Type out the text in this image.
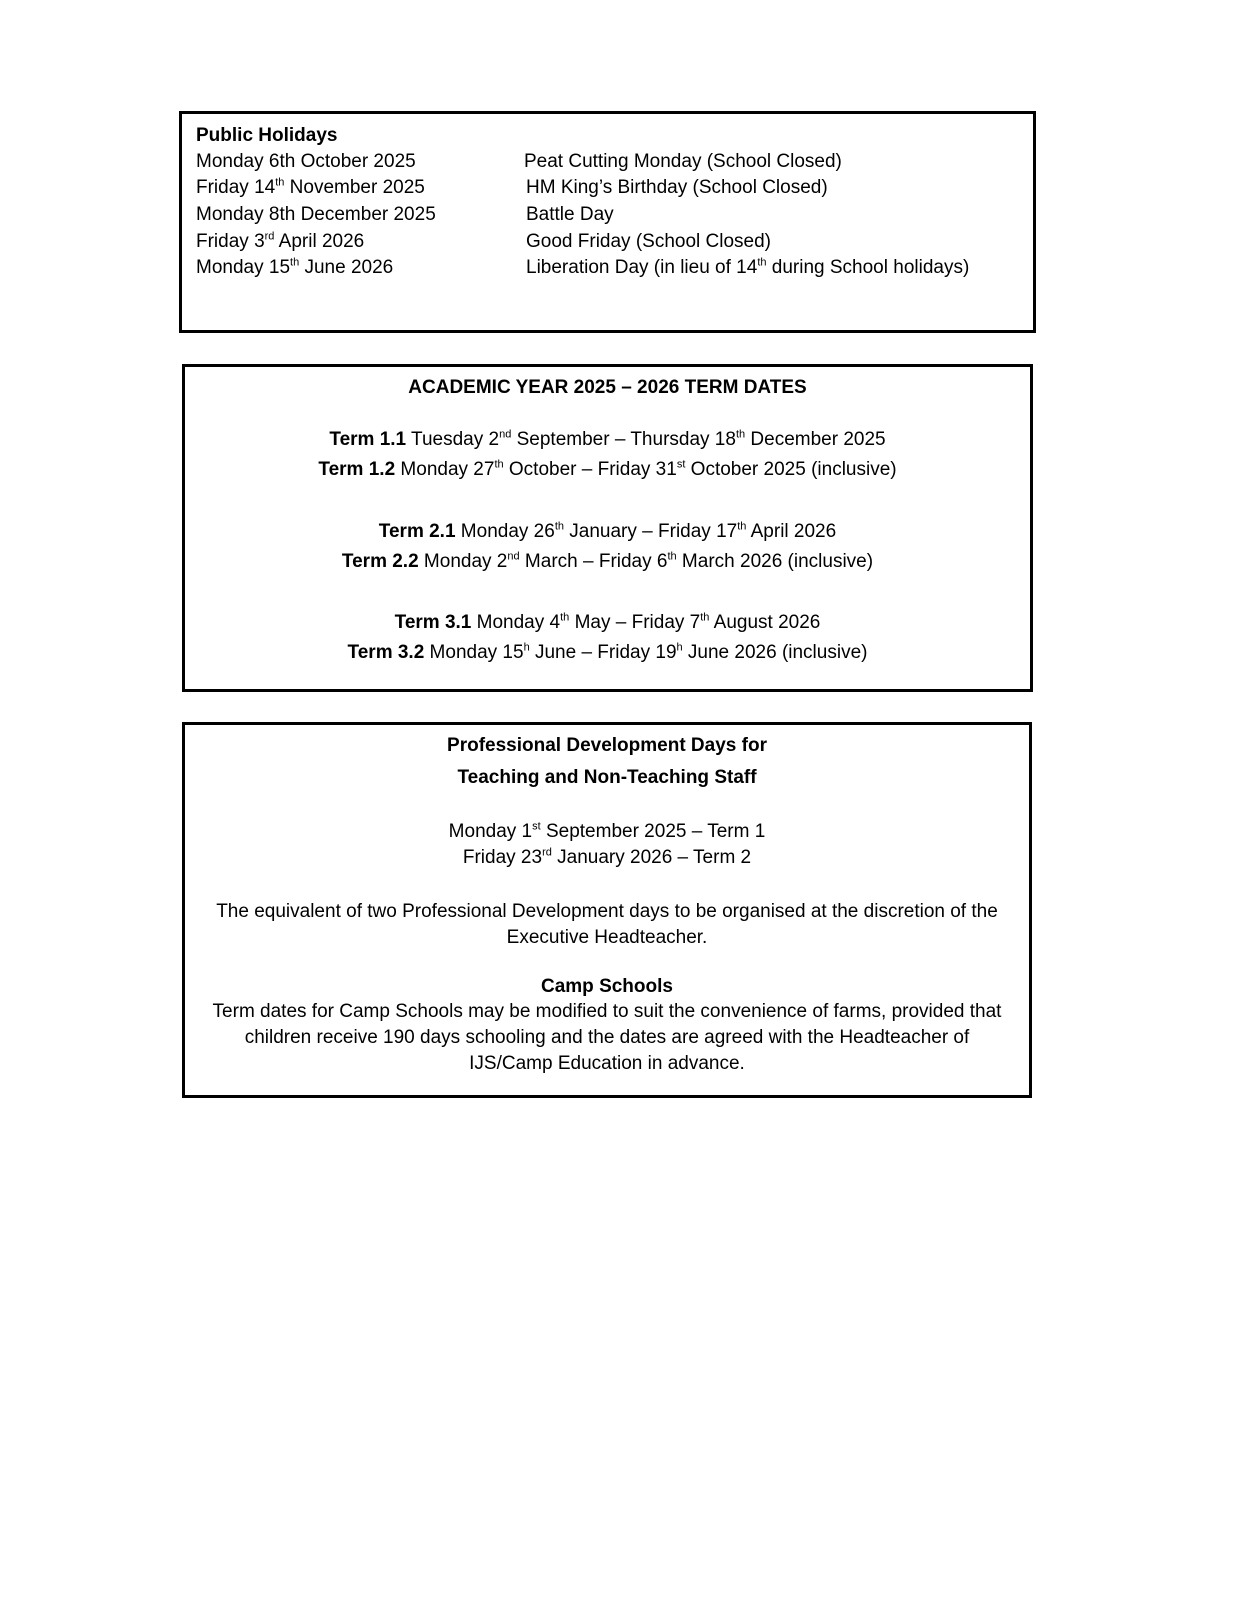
Public Holidays
Monday 6th October 2025	Peat Cutting Monday (School Closed)
Friday 14th November 2025	HM King’s Birthday (School Closed)
Monday 8th December 2025	Battle Day
Friday 3rd April 2026	Good Friday (School Closed)
Monday 15th June 2026	Liberation Day (in lieu of 14th during School holidays)
ACADEMIC YEAR 2025 – 2026 TERM DATES
Term 1.1 Tuesday 2nd September – Thursday 18th December 2025
Term 1.2 Monday 27th October – Friday 31st October 2025 (inclusive)
Term 2.1 Monday 26th January – Friday 17th April 2026
Term 2.2 Monday 2nd March – Friday 6th March 2026 (inclusive)
Term 3.1 Monday 4th May – Friday 7th August 2026
Term 3.2 Monday 15$^h$ June – Friday 19$^h$ June 2026 (inclusive)
Professional Development Days for
Teaching and Non-Teaching Staff
Monday 1st September 2025 – Term 1
Friday 23rd January 2026 – Term 2
The equivalent of two Professional Development days to be organised at the discretion of the
Executive Headteacher.
Camp Schools
Term dates for Camp Schools may be modified to suit the convenience of farms, provided that
children receive 190 days schooling and the dates are agreed with the Headteacher of
IJS/Camp Education in advance.
